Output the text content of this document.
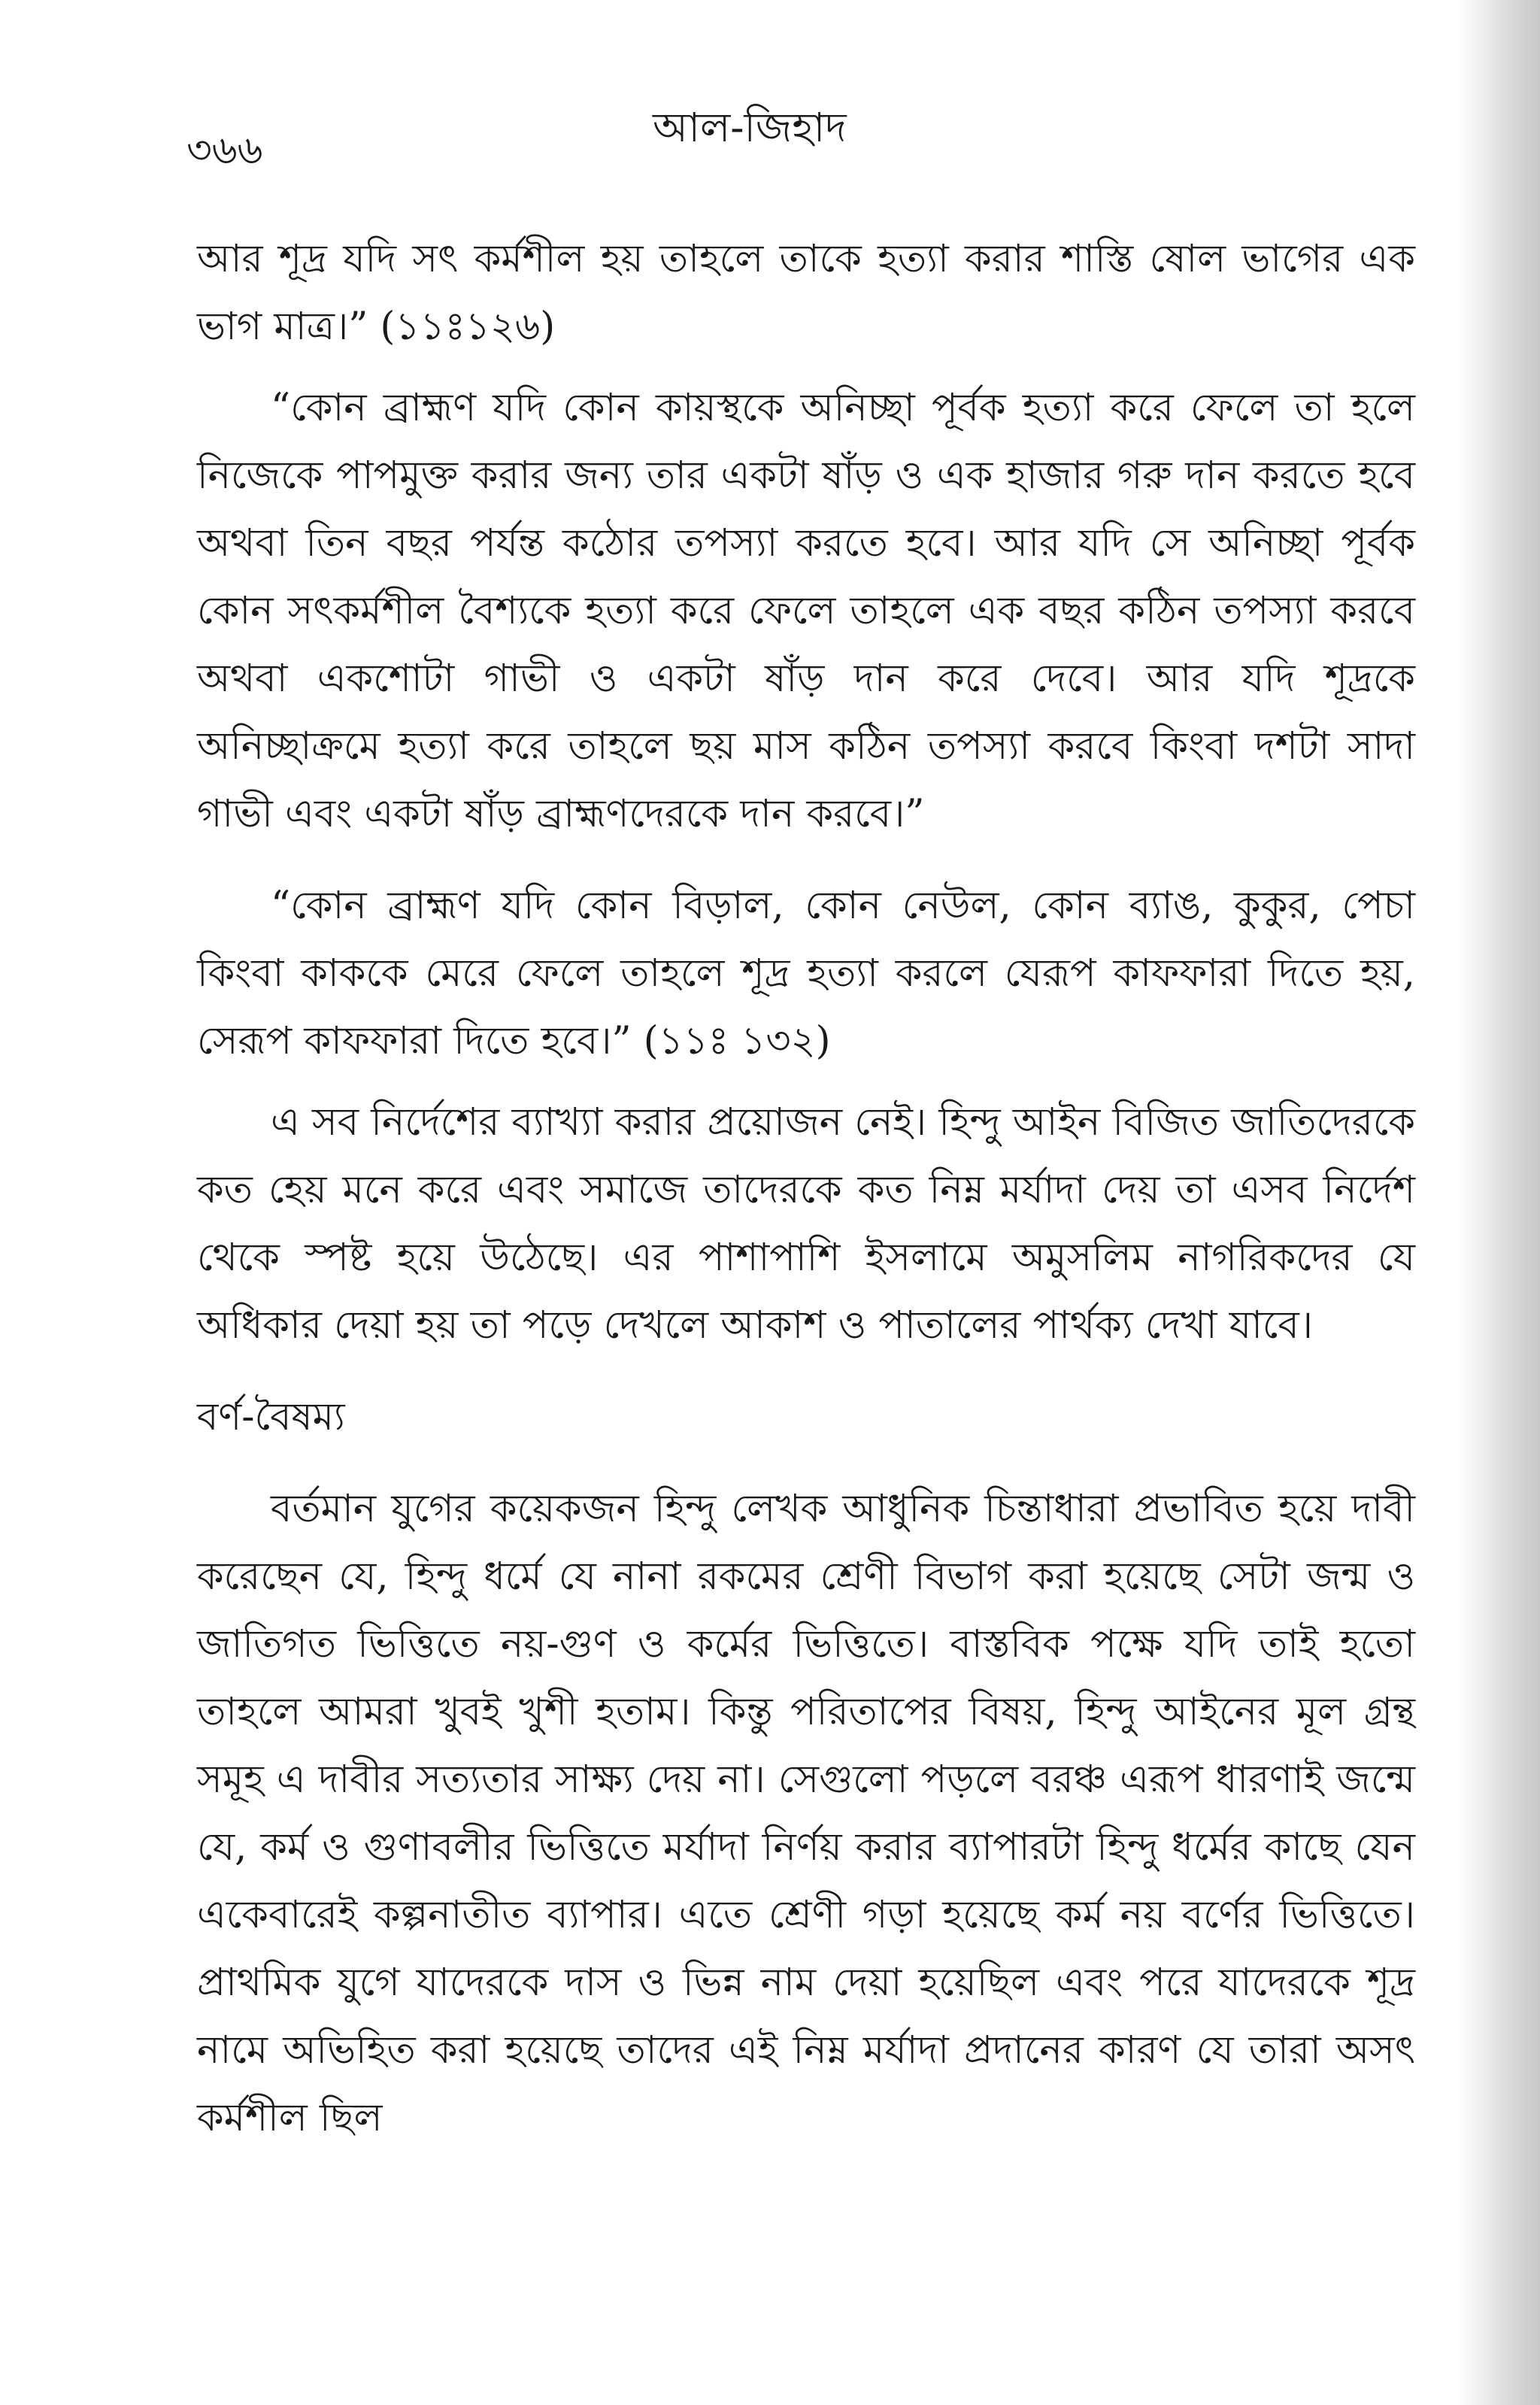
৩৬৬	আল-জিহাদ

আর শূদ্র যদি সৎ কর্মশীল হয় তাহলে তাকে হত্যা করার শাস্তি ষোল ভাগের এক ভাগ মাত্র।” (১১ঃ১২৬)

“কোন ব্রাহ্মণ যদি কোন কায়স্থকে অনিচ্ছা পূর্বক হত্যা করে ফেলে তা হলে নিজেকে পাপমুক্ত করার জন্য তার একটা ষাঁড় ও এক হাজার গরু দান করতে হবে অথবা তিন বছর পর্যন্ত কঠোর তপস্যা করতে হবে। আর যদি সে অনিচ্ছা পূর্বক কোন সৎকর্মশীল বৈশ্যকে হত্যা করে ফেলে তাহলে এক বছর কঠিন তপস্যা করবে অথবা একশোটা গাভী ও একটা ষাঁড় দান করে দেবে। আর যদি শূদ্রকে অনিচ্ছাক্রমে হত্যা করে তাহলে ছয় মাস কঠিন তপস্যা করবে কিংবা দশটা সাদা গাভী এবং একটা ষাঁড় ব্রাহ্মণদেরকে দান করবে।”

“কোন ব্রাহ্মণ যদি কোন বিড়াল, কোন নেউল, কোন ব্যাঙ, কুকুর, পেচা কিংবা কাককে মেরে ফেলে তাহলে শূদ্র হত্যা করলে যেরূপ কাফফারা দিতে হয়, সেরূপ কাফফারা দিতে হবে।” (১১ঃ ১৩২)

এ সব নির্দেশের ব্যাখ্যা করার প্রয়োজন নেই। হিন্দু আইন বিজিত জাতিদেরকে কত হেয় মনে করে এবং সমাজে তাদেরকে কত নিম্ন মর্যাদা দেয় তা এসব নির্দেশ থেকে স্পষ্ট হয়ে উঠেছে। এর পাশাপাশি ইসলামে অমুসলিম নাগরিকদের যে অধিকার দেয়া হয় তা পড়ে দেখলে আকাশ ও পাতালের পার্থক্য দেখা যাবে।

বর্ণ-বৈষম্য

বর্তমান যুগের কয়েকজন হিন্দু লেখক আধুনিক চিন্তাধারা প্রভাবিত হয়ে দাবী করেছেন যে, হিন্দু ধর্মে যে নানা রকমের শ্রেণী বিভাগ করা হয়েছে সেটা জন্ম ও জাতিগত ভিত্তিতে নয়-গুণ ও কর্মের ভিত্তিতে। বাস্তবিক পক্ষে যদি তাই হতো তাহলে আমরা খুবই খুশী হতাম। কিন্তু পরিতাপের বিষয়, হিন্দু আইনের মূল গ্রন্থ সমূহ এ দাবীর সত্যতার সাক্ষ্য দেয় না। সেগুলো পড়লে বরঞ্চ এরূপ ধারণাই জন্মে যে, কর্ম ও গুণাবলীর ভিত্তিতে মর্যাদা নির্ণয় করার ব্যাপারটা হিন্দু ধর্মের কাছে যেন একেবারেই কল্পনাতীত ব্যাপার। এতে শ্রেণী গড়া হয়েছে কর্ম নয় বর্ণের ভিত্তিতে। প্রাথমিক যুগে যাদেরকে দাস ও ভিন্ন নাম দেয়া হয়েছিল এবং পরে যাদেরকে শূদ্র নামে অভিহিত করা হয়েছে তাদের এই নিম্ন মর্যাদা প্রদানের কারণ যে তারা অসৎ কর্মশীল ছিল
